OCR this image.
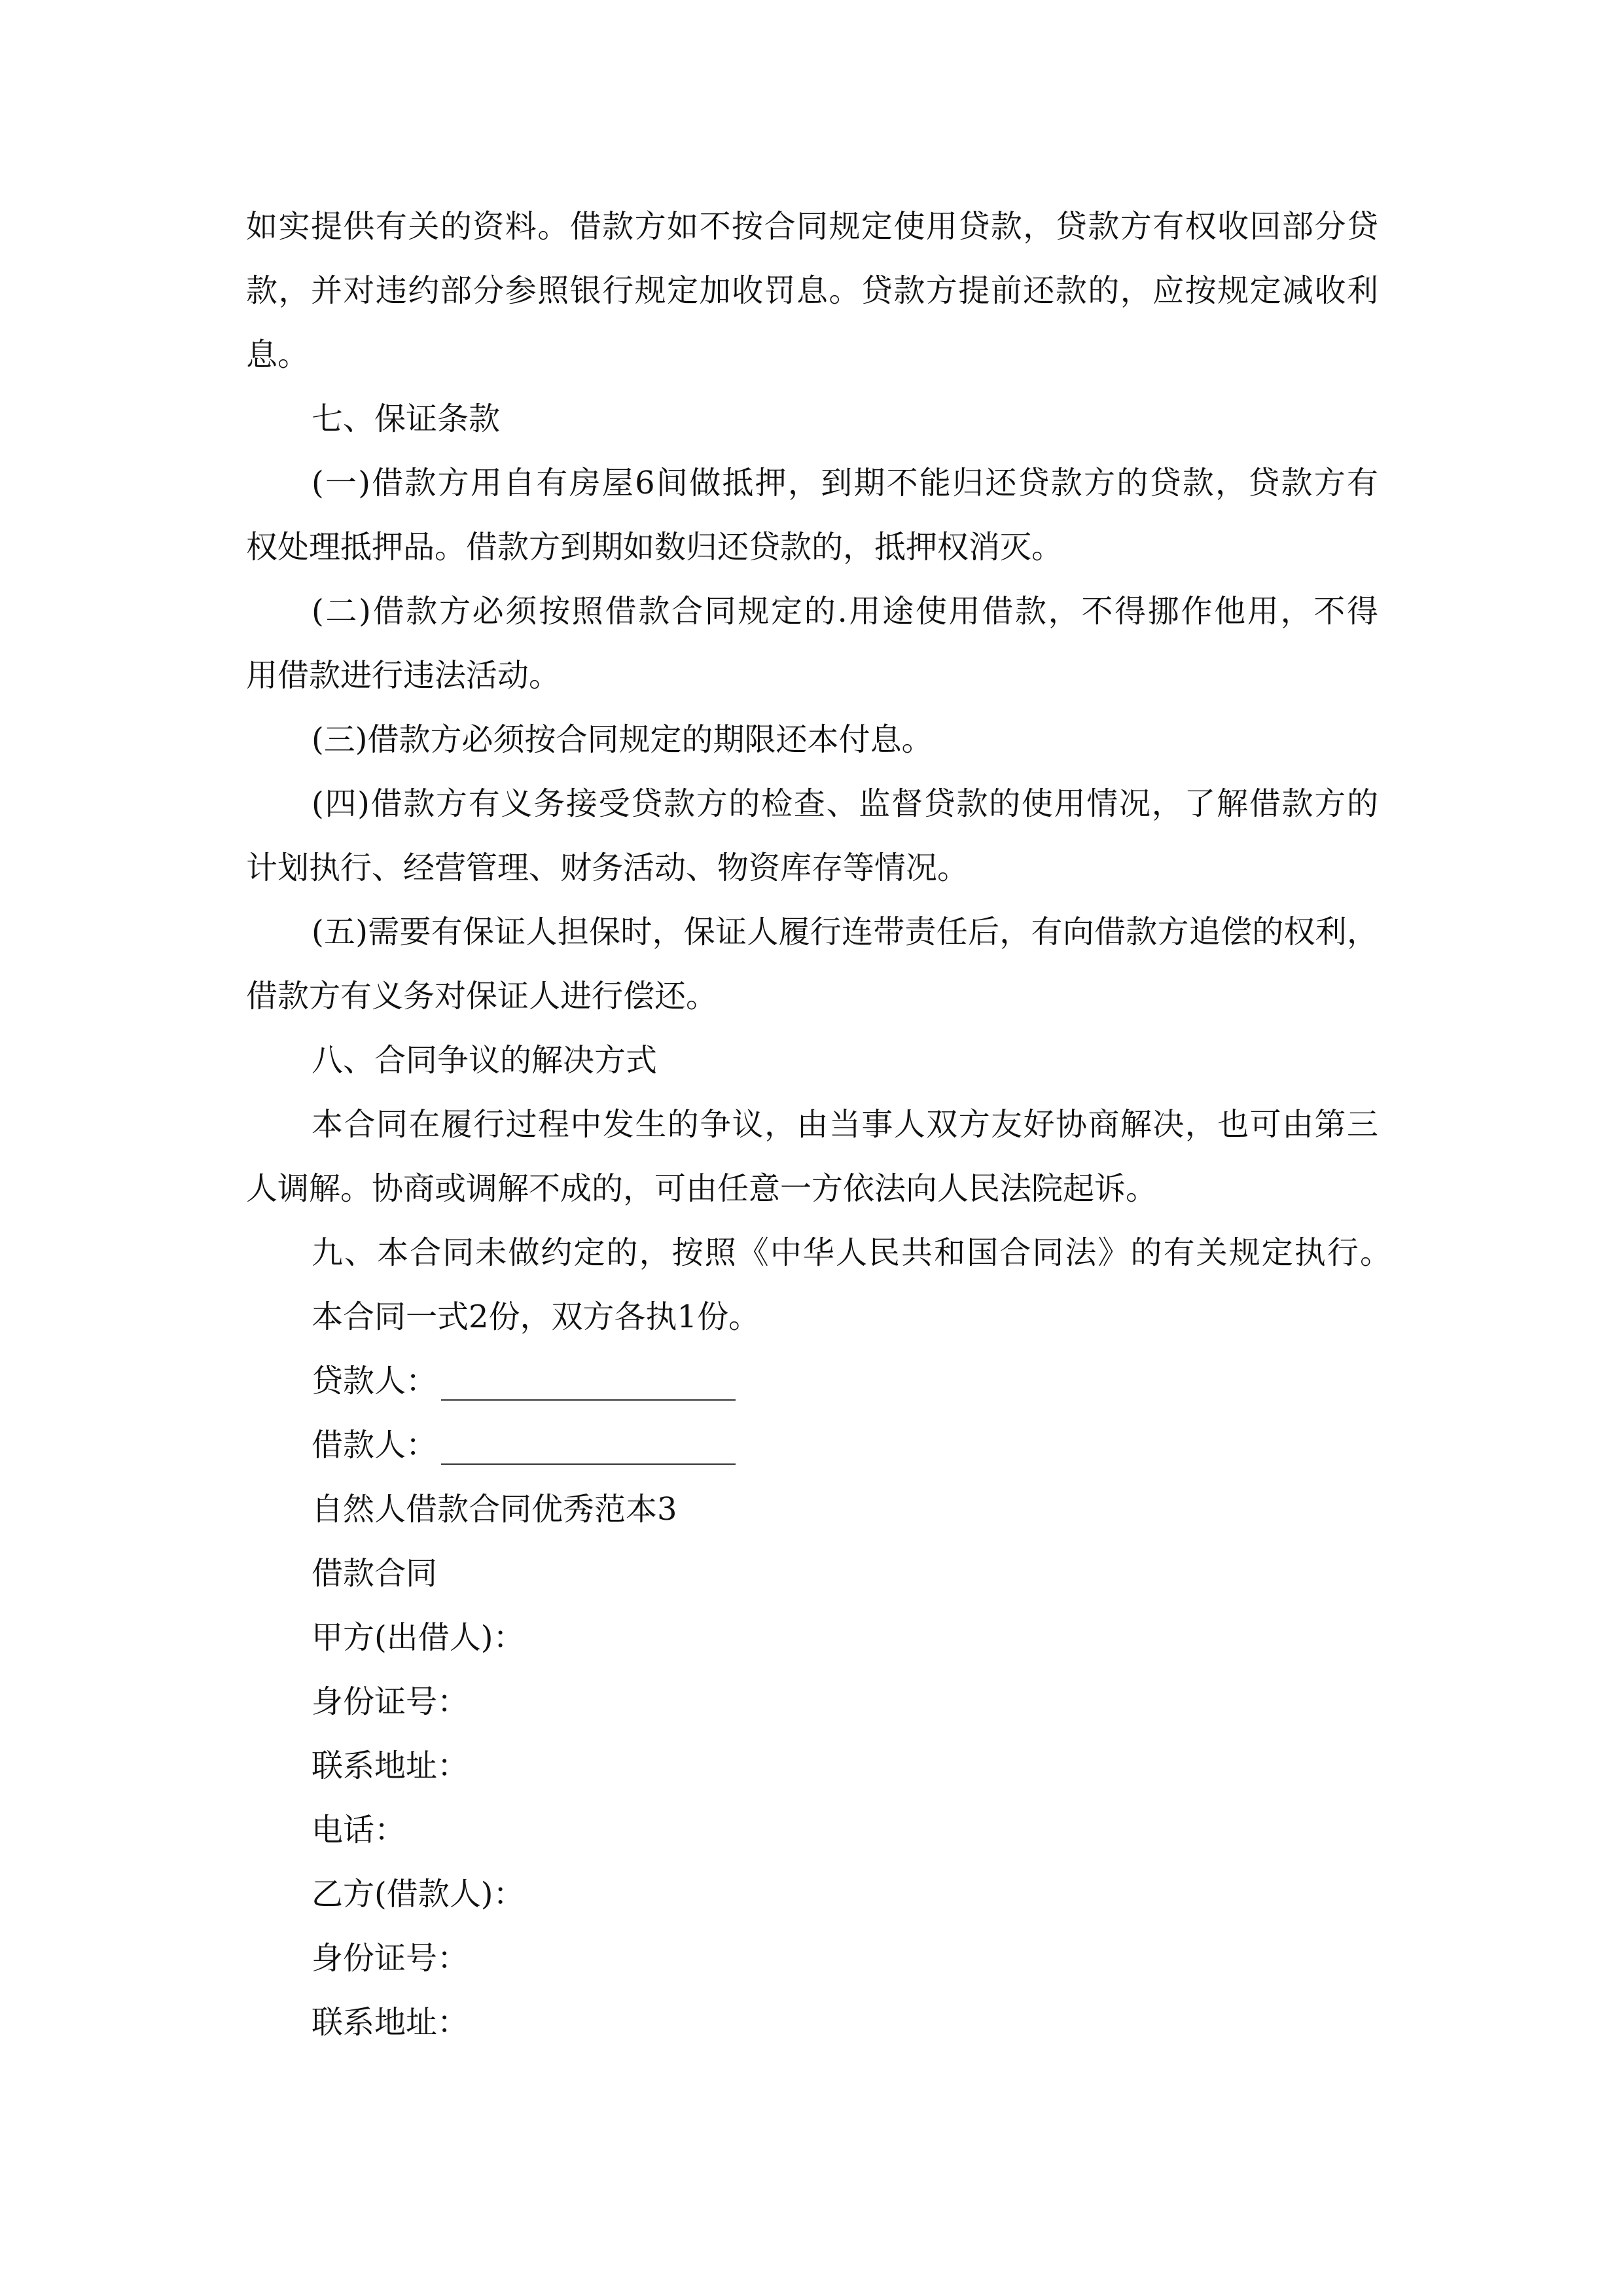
如实提供有关的资料。借款方如不按合同规定使用贷款，贷款方有权收回部分贷
款，并对违约部分参照银行规定加收罚息。贷款方提前还款的，应按规定减收利
息。
七、保证条款
(一)借款方用自有房屋6间做抵押，到期不能归还贷款方的贷款，贷款方有
权处理抵押品。借款方到期如数归还贷款的，抵押权消灭。
(二)借款方必须按照借款合同规定的.用途使用借款，不得挪作他用，不得
用借款进行违法活动。
(三)借款方必须按合同规定的期限还本付息。
(四)借款方有义务接受贷款方的检查、监督贷款的使用情况，了解借款方的
计划执行、经营管理、财务活动、物资库存等情况。
(五)需要有保证人担保时，保证人履行连带责任后，有向借款方追偿的权利，
借款方有义务对保证人进行偿还。
八、合同争议的解决方式
本合同在履行过程中发生的争议，由当事人双方友好协商解决，也可由第三
人调解。协商或调解不成的，可由任意一方依法向人民法院起诉。
九、本合同未做约定的，按照《中华人民共和国合同法》的有关规定执行。
本合同一式2份，双方各执1份。
贷款人：
借款人：
自然人借款合同优秀范本3
借款合同
甲方(出借人)：
身份证号：
联系地址：
电话：
乙方(借款人)：
身份证号：
联系地址：
